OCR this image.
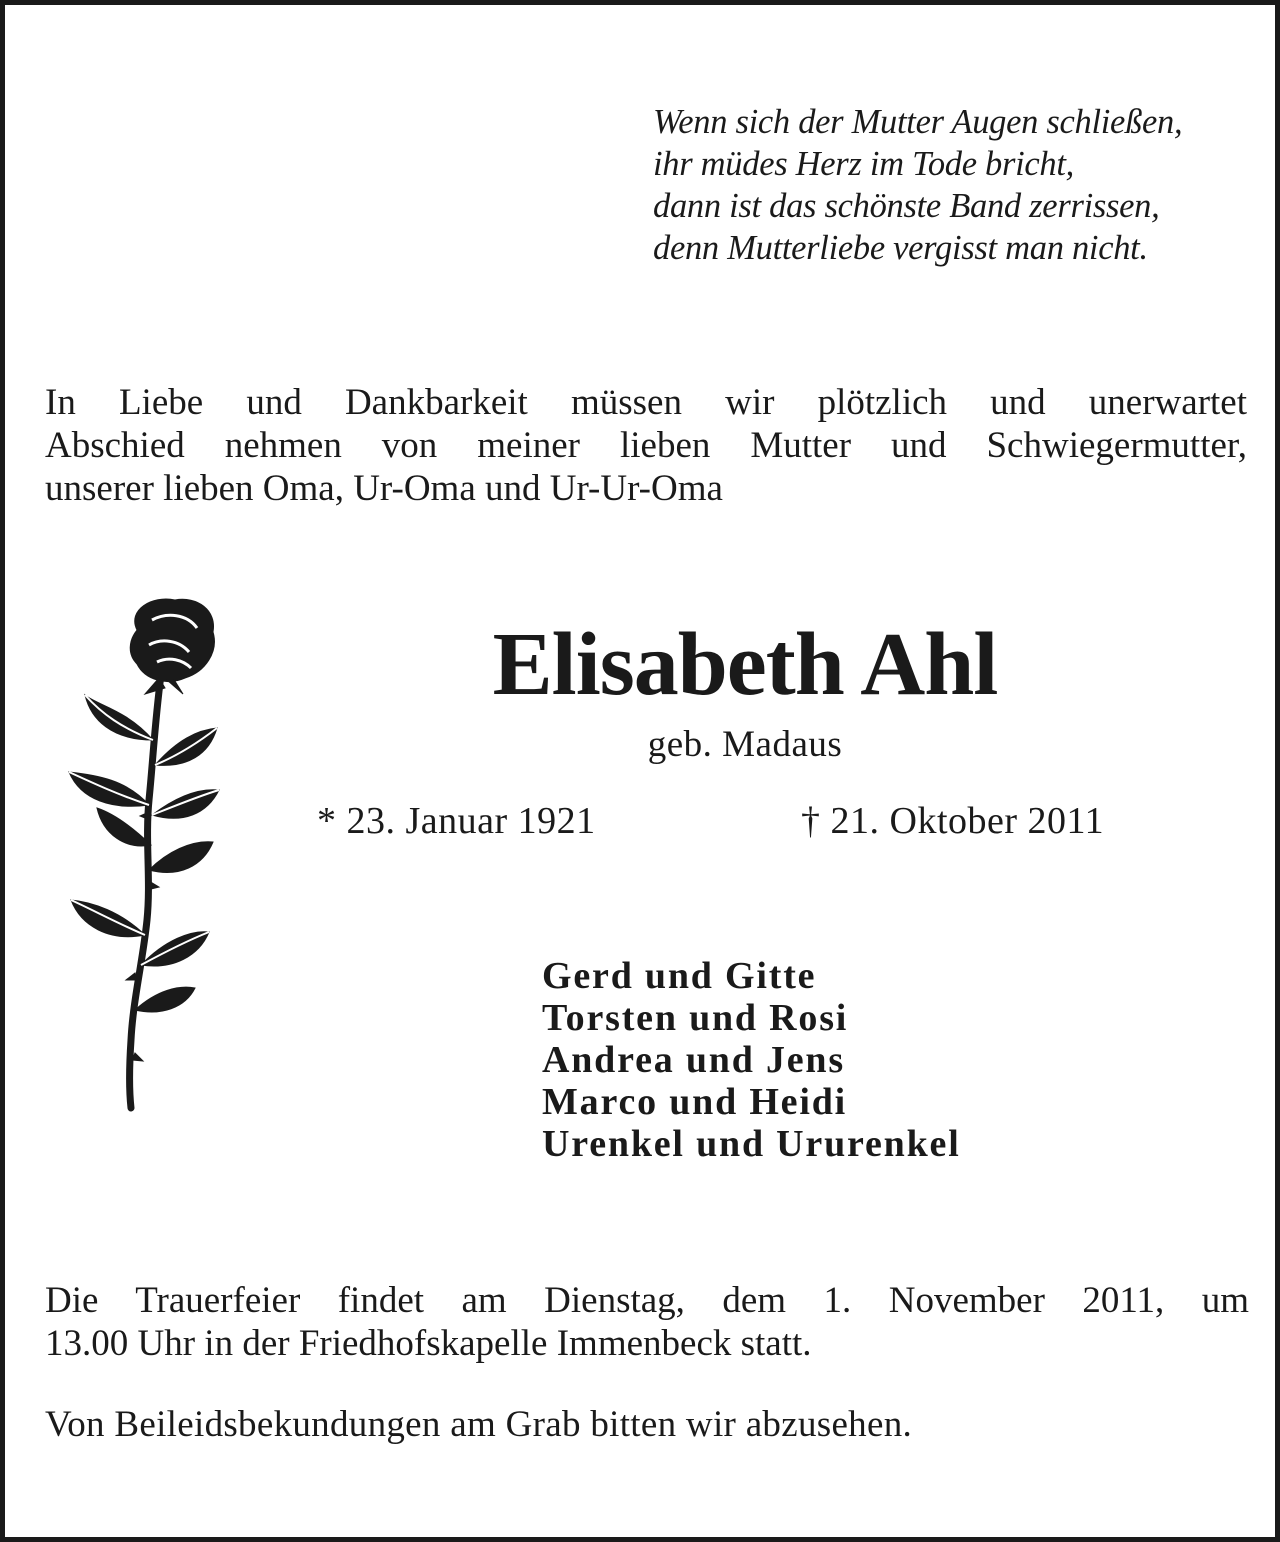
Wenn sich der Mutter Augen schließen,
ihr müdes Herz im Tode bricht,
dann ist das schönste Band zerrissen,
denn Mutterliebe vergisst man nicht.
In Liebe und Dankbarkeit müssen wir plötzlich und unerwartet
Abschied nehmen von meiner lieben Mutter und Schwiegermutter,
unserer lieben Oma, Ur-Oma und Ur-Ur-Oma
Elisabeth Ahl
geb. Madaus
* 23. Januar 1921	† 21. Oktober 2011
Gerd und Gitte
Torsten und Rosi
Andrea und Jens
Marco und Heidi
Urenkel und Ururenkel
Die Trauerfeier findet am Dienstag, dem 1. November 2011, um
13.00 Uhr in der Friedhofskapelle Immenbeck statt.
Von Beileidsbekundungen am Grab bitten wir abzusehen.
